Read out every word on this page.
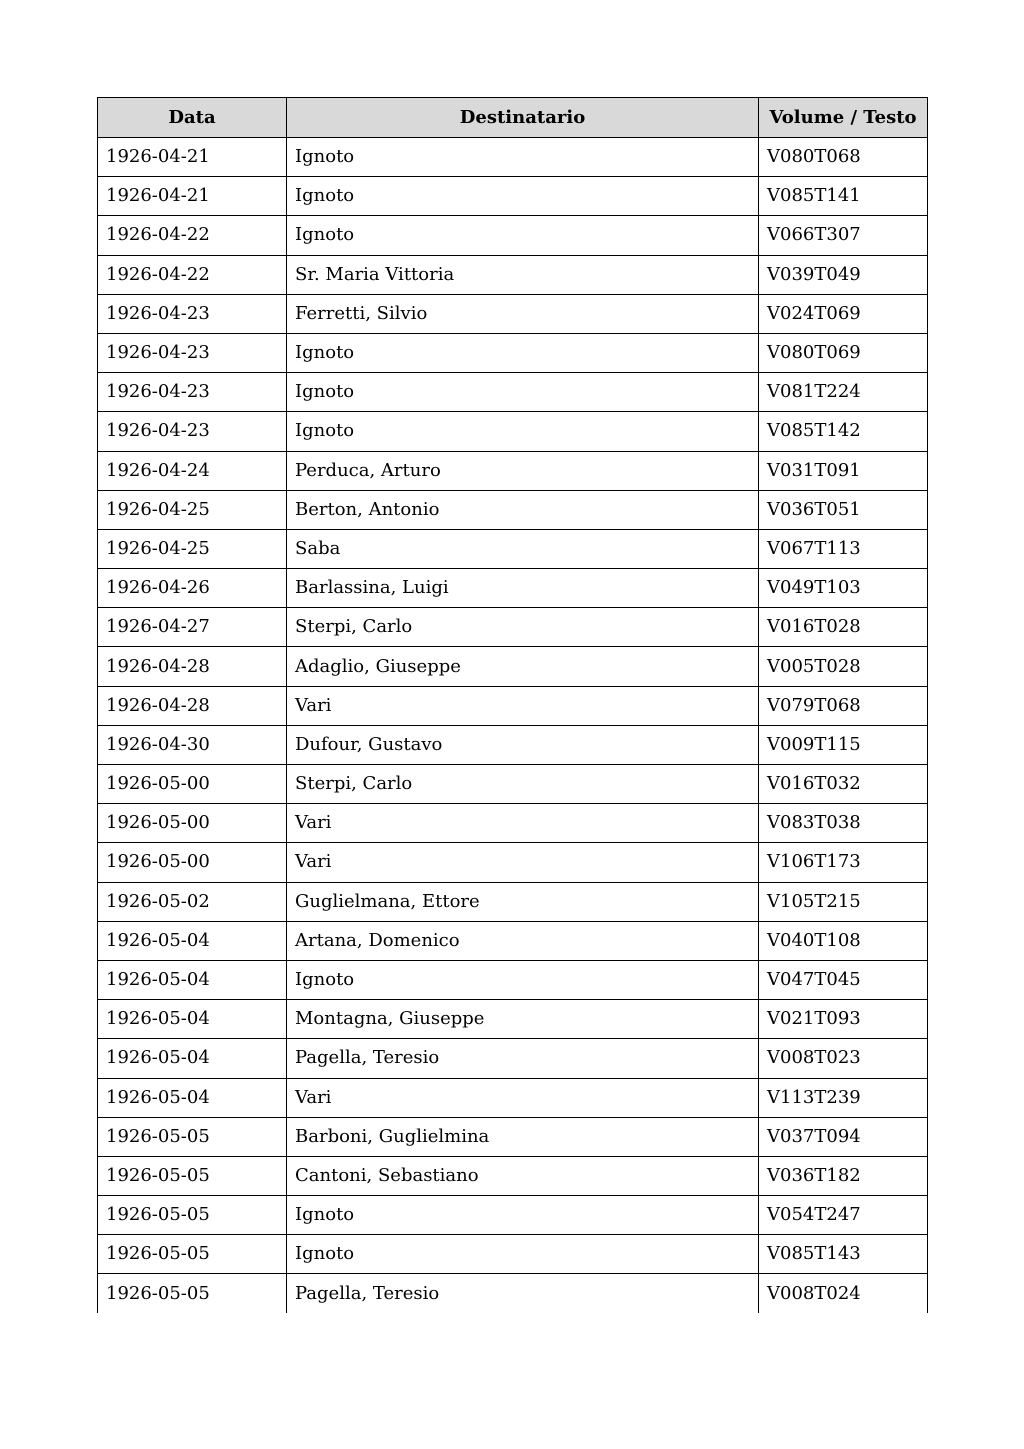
Data	Destinatario	Volume / Testo
1926-04-21	Ignoto	V080T068
1926-04-21	Ignoto	V085T141
1926-04-22	Ignoto	V066T307
1926-04-22	Sr. Maria Vittoria	V039T049
1926-04-23	Ferretti, Silvio	V024T069
1926-04-23	Ignoto	V080T069
1926-04-23	Ignoto	V081T224
1926-04-23	Ignoto	V085T142
1926-04-24	Perduca, Arturo	V031T091
1926-04-25	Berton, Antonio	V036T051
1926-04-25	Saba	V067T113
1926-04-26	Barlassina, Luigi	V049T103
1926-04-27	Sterpi, Carlo	V016T028
1926-04-28	Adaglio, Giuseppe	V005T028
1926-04-28	Vari	V079T068
1926-04-30	Dufour, Gustavo	V009T115
1926-05-00	Sterpi, Carlo	V016T032
1926-05-00	Vari	V083T038
1926-05-00	Vari	V106T173
1926-05-02	Guglielmana, Ettore	V105T215
1926-05-04	Artana, Domenico	V040T108
1926-05-04	Ignoto	V047T045
1926-05-04	Montagna, Giuseppe	V021T093
1926-05-04	Pagella, Teresio	V008T023
1926-05-04	Vari	V113T239
1926-05-05	Barboni, Guglielmina	V037T094
1926-05-05	Cantoni, Sebastiano	V036T182
1926-05-05	Ignoto	V054T247
1926-05-05	Ignoto	V085T143
1926-05-05	Pagella, Teresio	V008T024
